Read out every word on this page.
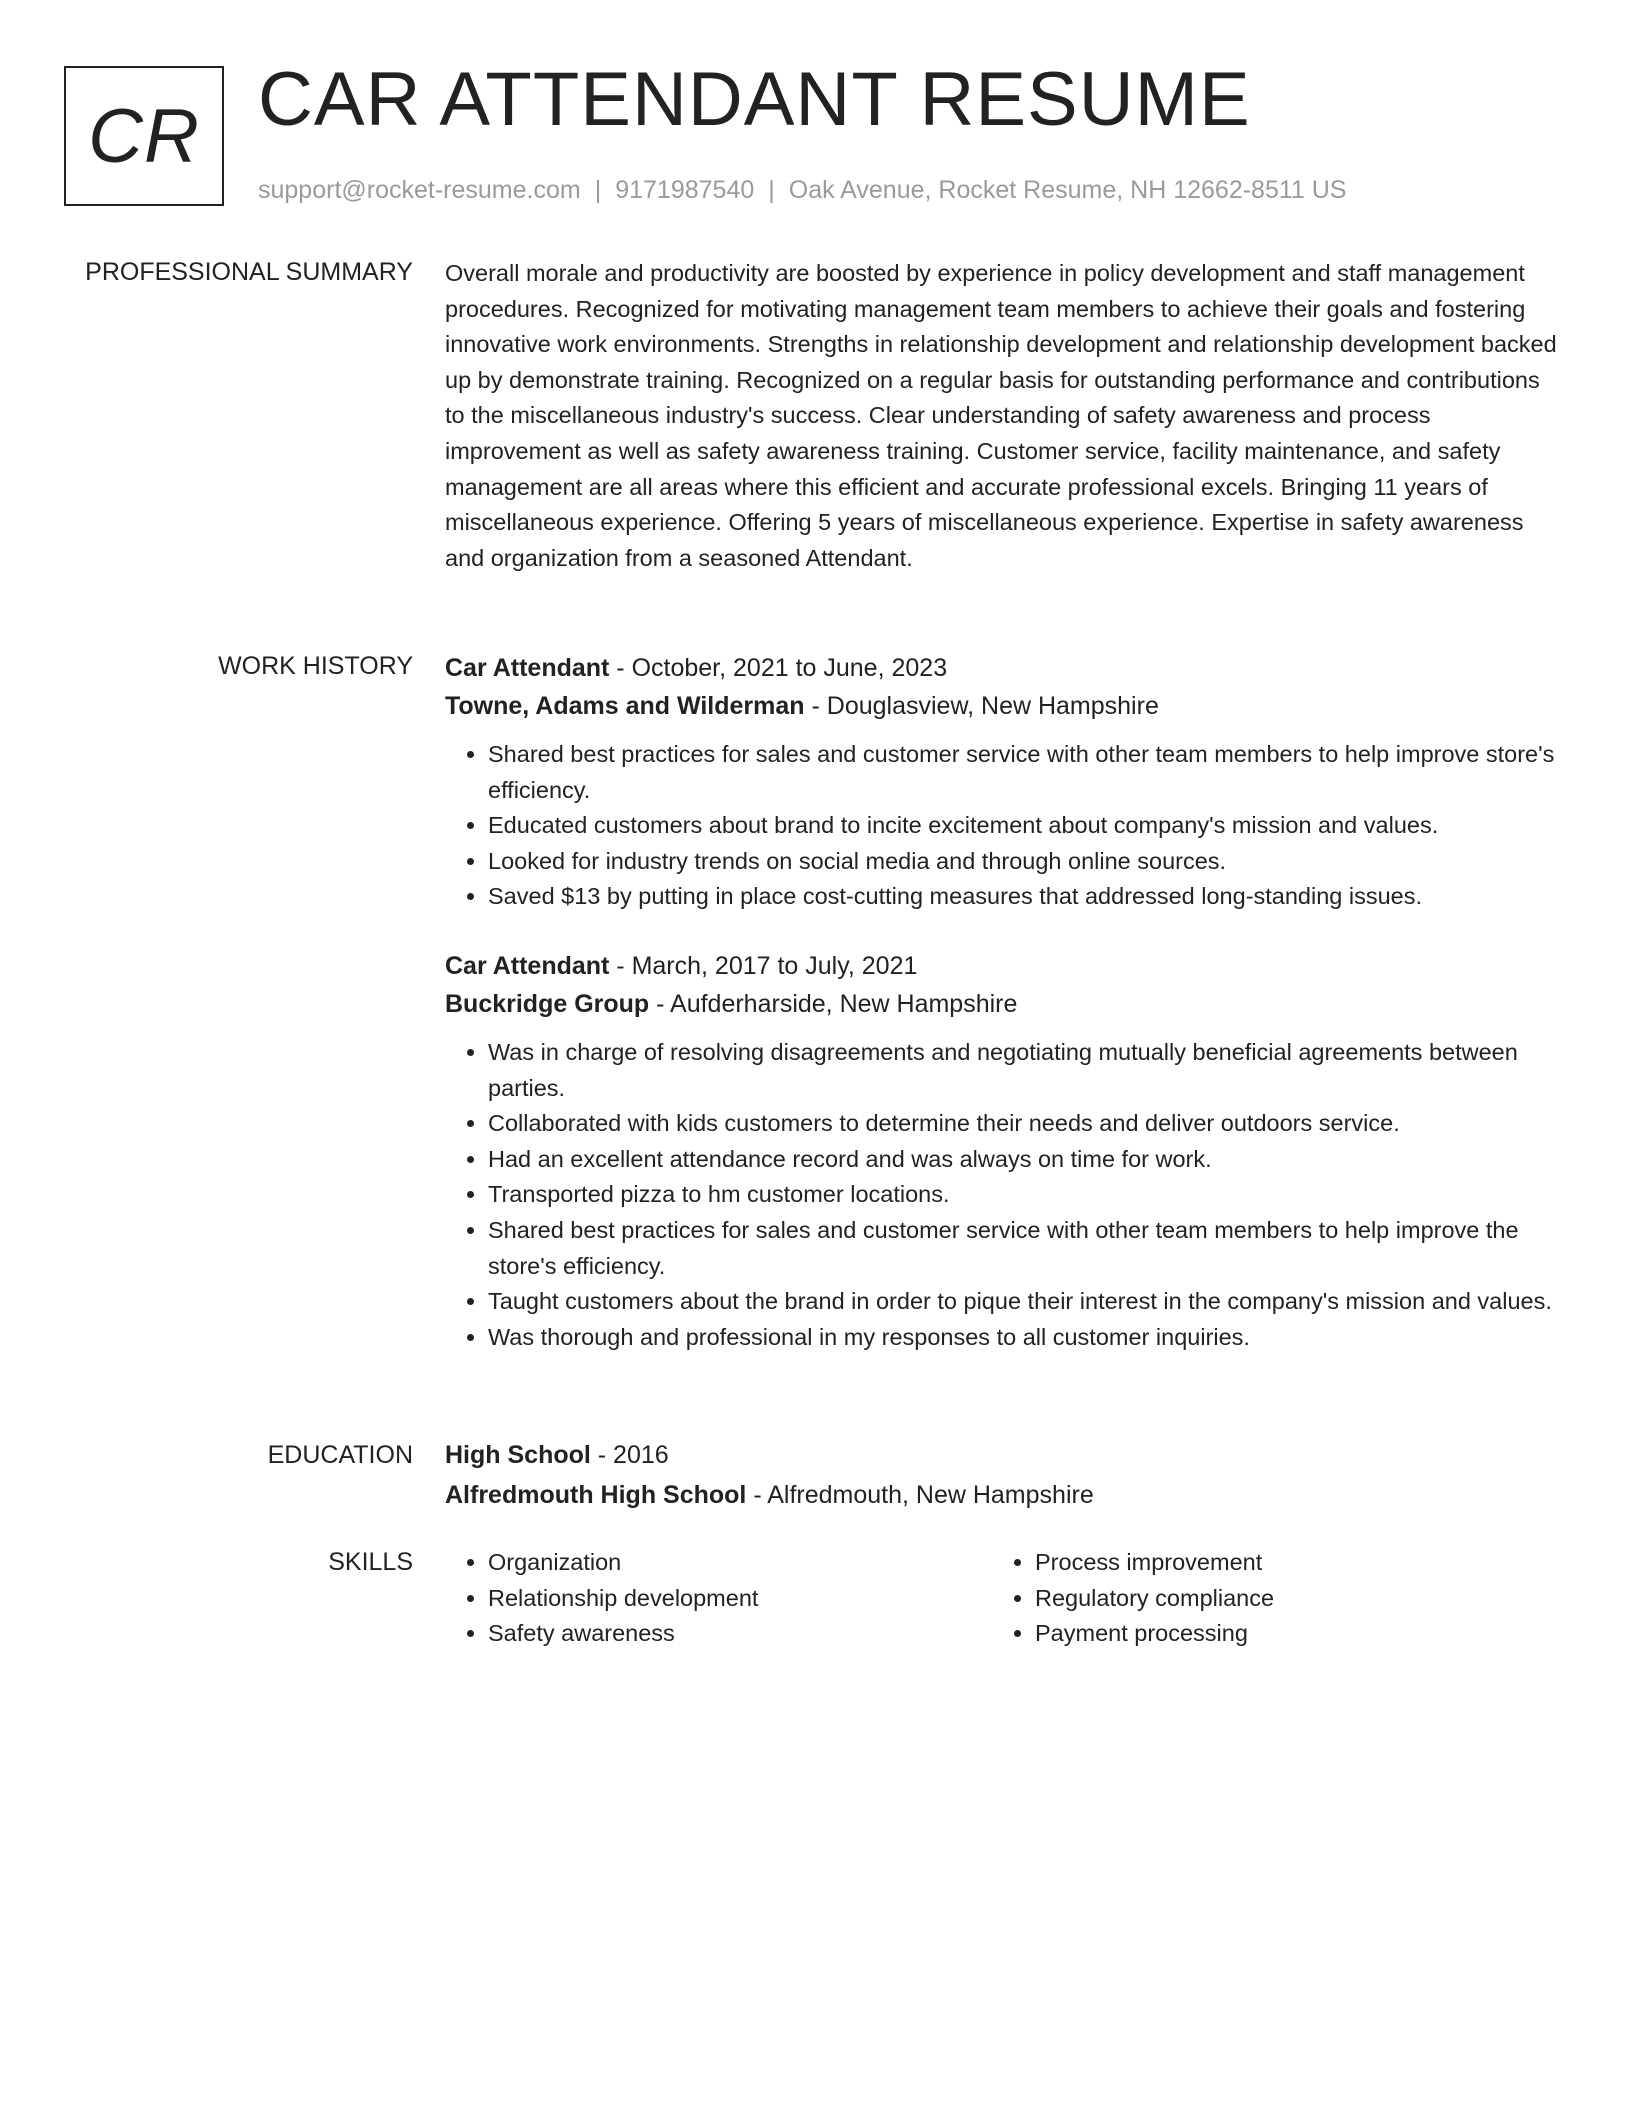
CR CAR ATTENDANT RESUME
support@rocket-resume.com | 9171987540 | Oak Avenue, Rocket Resume, NH 12662-8511 US
PROFESSIONAL SUMMARY Overall morale and productivity are boosted by experience in policy development and staff management procedures. Recognized for motivating management team members to achieve their goals and fostering innovative work environments. Strengths in relationship development and relationship development backed up by demonstrate training. Recognized on a regular basis for outstanding performance and contributions to the miscellaneous industry's success. Clear understanding of safety awareness and process improvement as well as safety awareness training. Customer service, facility maintenance, and safety management are all areas where this efficient and accurate professional excels. Bringing 11 years of miscellaneous experience. Offering 5 years of miscellaneous experience. Expertise in safety awareness and organization from a seasoned Attendant.

WORK HISTORY Car Attendant - October, 2021 to June, 2023
Towne, Adams and Wilderman - Douglasview, New Hampshire
• Shared best practices for sales and customer service with other team members to help improve store's efficiency.
• Educated customers about brand to incite excitement about company's mission and values.
• Looked for industry trends on social media and through online sources.
• Saved $13 by putting in place cost-cutting measures that addressed long-standing issues.
Car Attendant - March, 2017 to July, 2021
Buckridge Group - Aufderharside, New Hampshire
• Was in charge of resolving disagreements and negotiating mutually beneficial agreements between parties.
• Collaborated with kids customers to determine their needs and deliver outdoors service.
• Had an excellent attendance record and was always on time for work.
• Transported pizza to hm customer locations.
• Shared best practices for sales and customer service with other team members to help improve the store's efficiency.
• Taught customers about the brand in order to pique their interest in the company's mission and values.
• Was thorough and professional in my responses to all customer inquiries.
EDUCATION High School - 2016
Alfredmouth High School - Alfredmouth, New Hampshire
SKILLS
•	Organization
• Relationship development
• Safety awareness
• Process improvement
• Regulatory compliance
• Payment processing
